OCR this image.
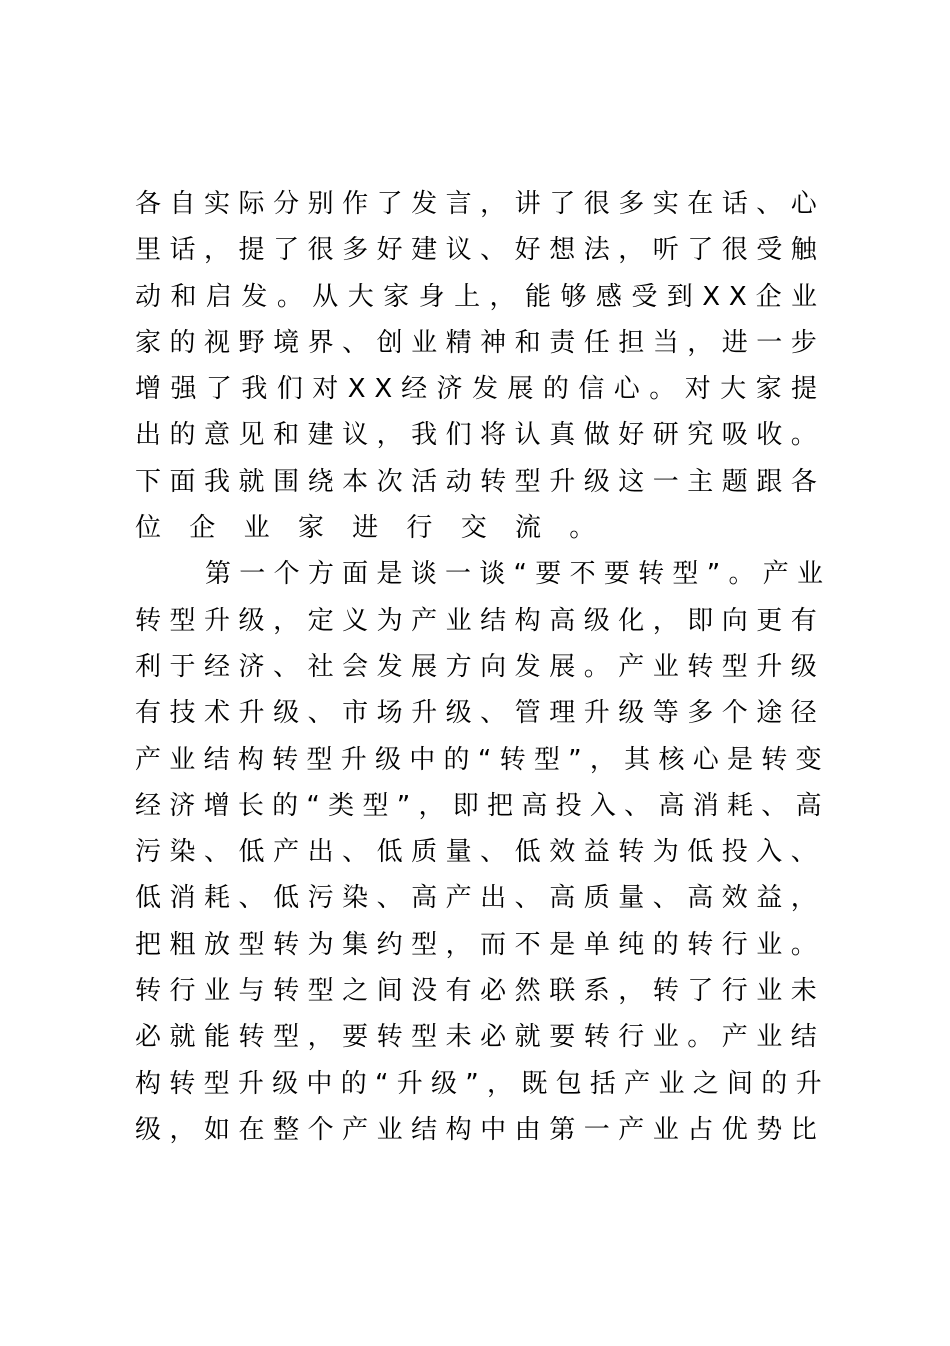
各 自 实 际 分 别 作 了 发 言 ， 讲 了 很 多 实 在 话 、 心
里 话 ， 提 了 很 多 好 建 议 、 好 想 法 ， 听 了 很 受 触
动 和 启 发 。 从 大 家 身 上 ， 能 够 感 受 到 X X 企 业
家 的 视 野 境 界 、 创 业 精 神 和 责 任 担 当 ， 进 一 步
增 强 了 我 们 对 X X 经 济 发 展 的 信 心 。 对 大 家 提
出 的 意 见 和 建 议 ， 我 们 将 认 真 做 好 研 究 吸 收 。
下 面 我 就 围 绕 本 次 活 动 转 型 升 级 这 一 主 题 跟 各
位 企 业 家 进 行 交 流 。
第 一 个 方 面 是 谈 一 谈 “ 要 不 要 转 型 ” 。 产 业
转 型 升 级 ， 定 义 为 产 业 结 构 高 级 化 ， 即 向 更 有
利 于 经 济 、 社 会 发 展 方 向 发 展 。 产 业 转 型 升 级
有 技 术 升 级 、 市 场 升 级 、 管 理 升 级 等 多 个 途 径
产 业 结 构 转 型 升 级 中 的 “ 转 型 ” ， 其 核 心 是 转 变
经 济 增 长 的 “ 类 型 ” ， 即 把 高 投 入 、 高 消 耗 、 高
污 染 、 低 产 出 、 低 质 量 、 低 效 益 转 为 低 投 入 、
低 消 耗 、 低 污 染 、 高 产 出 、 高 质 量 、 高 效 益 ，
把 粗 放 型 转 为 集 约 型 ， 而 不 是 单 纯 的 转 行 业 。
转 行 业 与 转 型 之 间 没 有 必 然 联 系 ， 转 了 行 业 未
必 就 能 转 型 ， 要 转 型 未 必 就 要 转 行 业 。 产 业 结
构 转 型 升 级 中 的 “ 升 级 ” ， 既 包 括 产 业 之 间 的 升
级 ， 如 在 整 个 产 业 结 构 中 由 第 一 产 业 占 优 势 比
